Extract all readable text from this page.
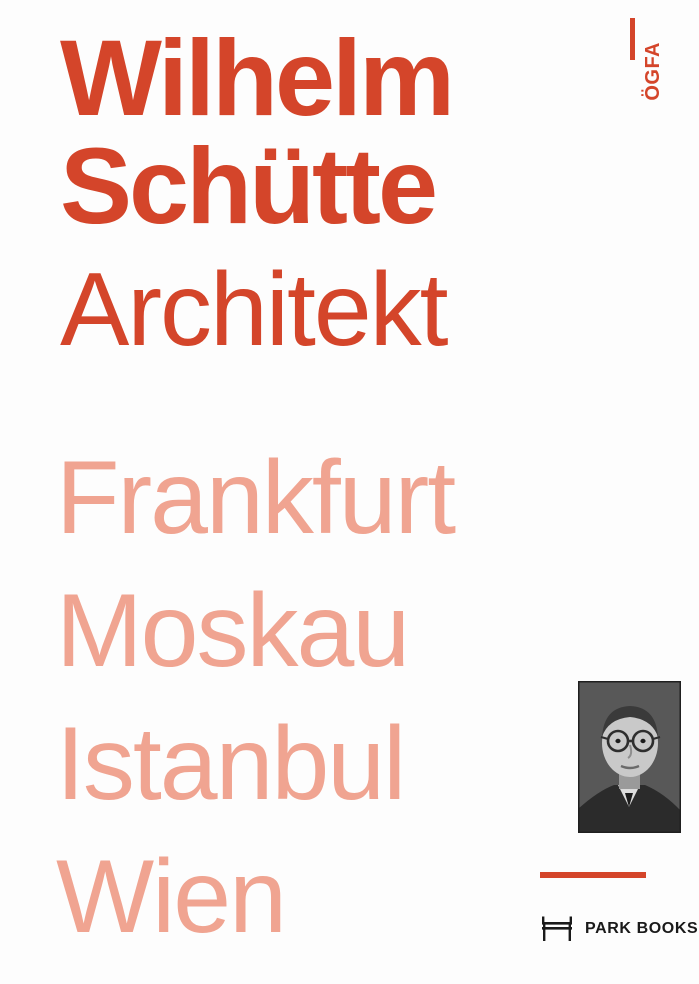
ÖGFA
Wilhelm
Schütte
Architekt
Frankfurt
Moskau
Istanbul
Wien	PARK BOOKS
